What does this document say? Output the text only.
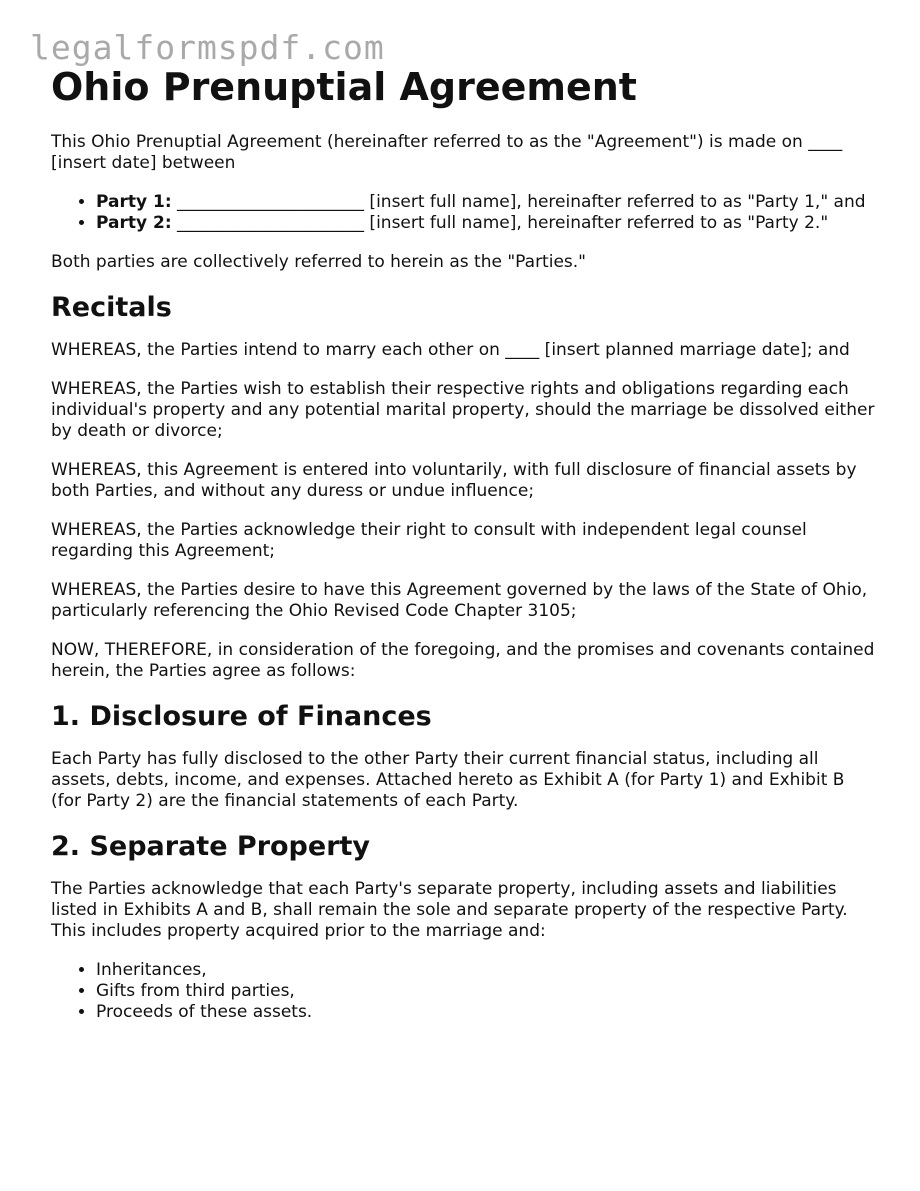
legalformspdf.com
Ohio Prenuptial Agreement

This Ohio Prenuptial Agreement (hereinafter referred to as the "Agreement") is made on ____ [insert date] between

• Party 1: ______________________ [insert full name], hereinafter referred to as "Party 1," and
• Party 2: ______________________ [insert full name], hereinafter referred to as "Party 2."

Both parties are collectively referred to herein as the "Parties."

Recitals

WHEREAS, the Parties intend to marry each other on ____ [insert planned marriage date]; and

WHEREAS, the Parties wish to establish their respective rights and obligations regarding each individual's property and any potential marital property, should the marriage be dissolved either by death or divorce;

WHEREAS, this Agreement is entered into voluntarily, with full disclosure of financial assets by both Parties, and without any duress or undue influence;

WHEREAS, the Parties acknowledge their right to consult with independent legal counsel regarding this Agreement;

WHEREAS, the Parties desire to have this Agreement governed by the laws of the State of Ohio, particularly referencing the Ohio Revised Code Chapter 3105;

NOW, THEREFORE, in consideration of the foregoing, and the promises and covenants contained herein, the Parties agree as follows:

1. Disclosure of Finances

Each Party has fully disclosed to the other Party their current financial status, including all assets, debts, income, and expenses. Attached hereto as Exhibit A (for Party 1) and Exhibit B (for Party 2) are the financial statements of each Party.

2. Separate Property

The Parties acknowledge that each Party's separate property, including assets and liabilities listed in Exhibits A and B, shall remain the sole and separate property of the respective Party. This includes property acquired prior to the marriage and:

• Inheritances,
• Gifts from third parties,
• Proceeds of these assets.
